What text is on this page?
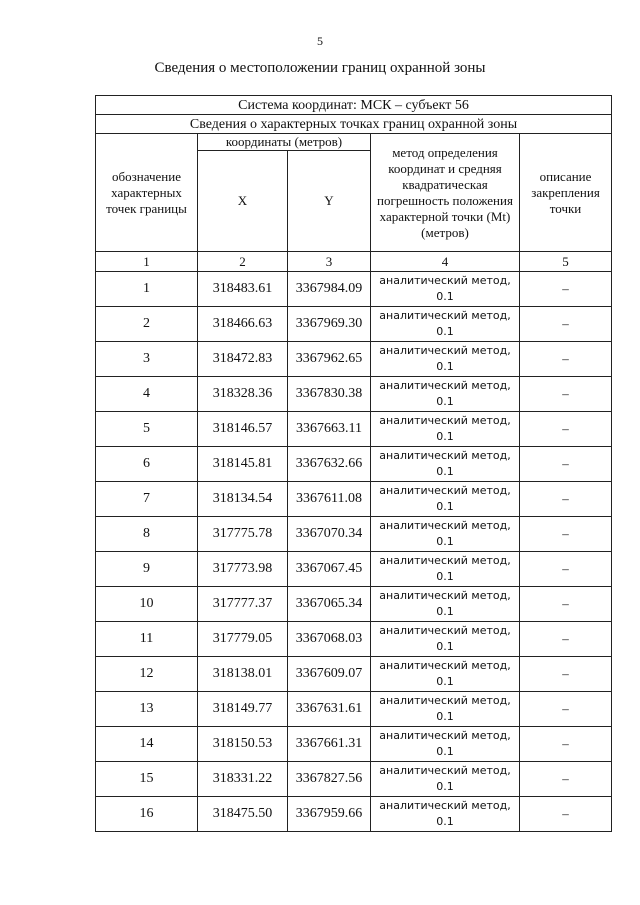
5
Сведения о местоположении границ охранной зоны
Система координат: МСК – субъект 56				
Сведения о характерных точках границ охранной зоны				
обозначение характерных точек границы	координаты (метров)		метод определения координат и средняя квадратическая погрешность положения характерной точки (Mt) (метров)	описание закрепления точки
	X	Y		
1	2	3	4	5
1	318483.61	3367984.09	аналитический метод, 0.1	–
2	318466.63	3367969.30	аналитический метод, 0.1	–
3	318472.83	3367962.65	аналитический метод, 0.1	–
4	318328.36	3367830.38	аналитический метод, 0.1	–
5	318146.57	3367663.11	аналитический метод, 0.1	–
6	318145.81	3367632.66	аналитический метод, 0.1	–
7	318134.54	3367611.08	аналитический метод, 0.1	–
8	317775.78	3367070.34	аналитический метод, 0.1	–
9	317773.98	3367067.45	аналитический метод, 0.1	–
10	317777.37	3367065.34	аналитический метод, 0.1	–
11	317779.05	3367068.03	аналитический метод, 0.1	–
12	318138.01	3367609.07	аналитический метод, 0.1	–
13	318149.77	3367631.61	аналитический метод, 0.1	–
14	318150.53	3367661.31	аналитический метод, 0.1	–
15	318331.22	3367827.56	аналитический метод, 0.1	–
16	318475.50	3367959.66	аналитический метод, 0.1	–
